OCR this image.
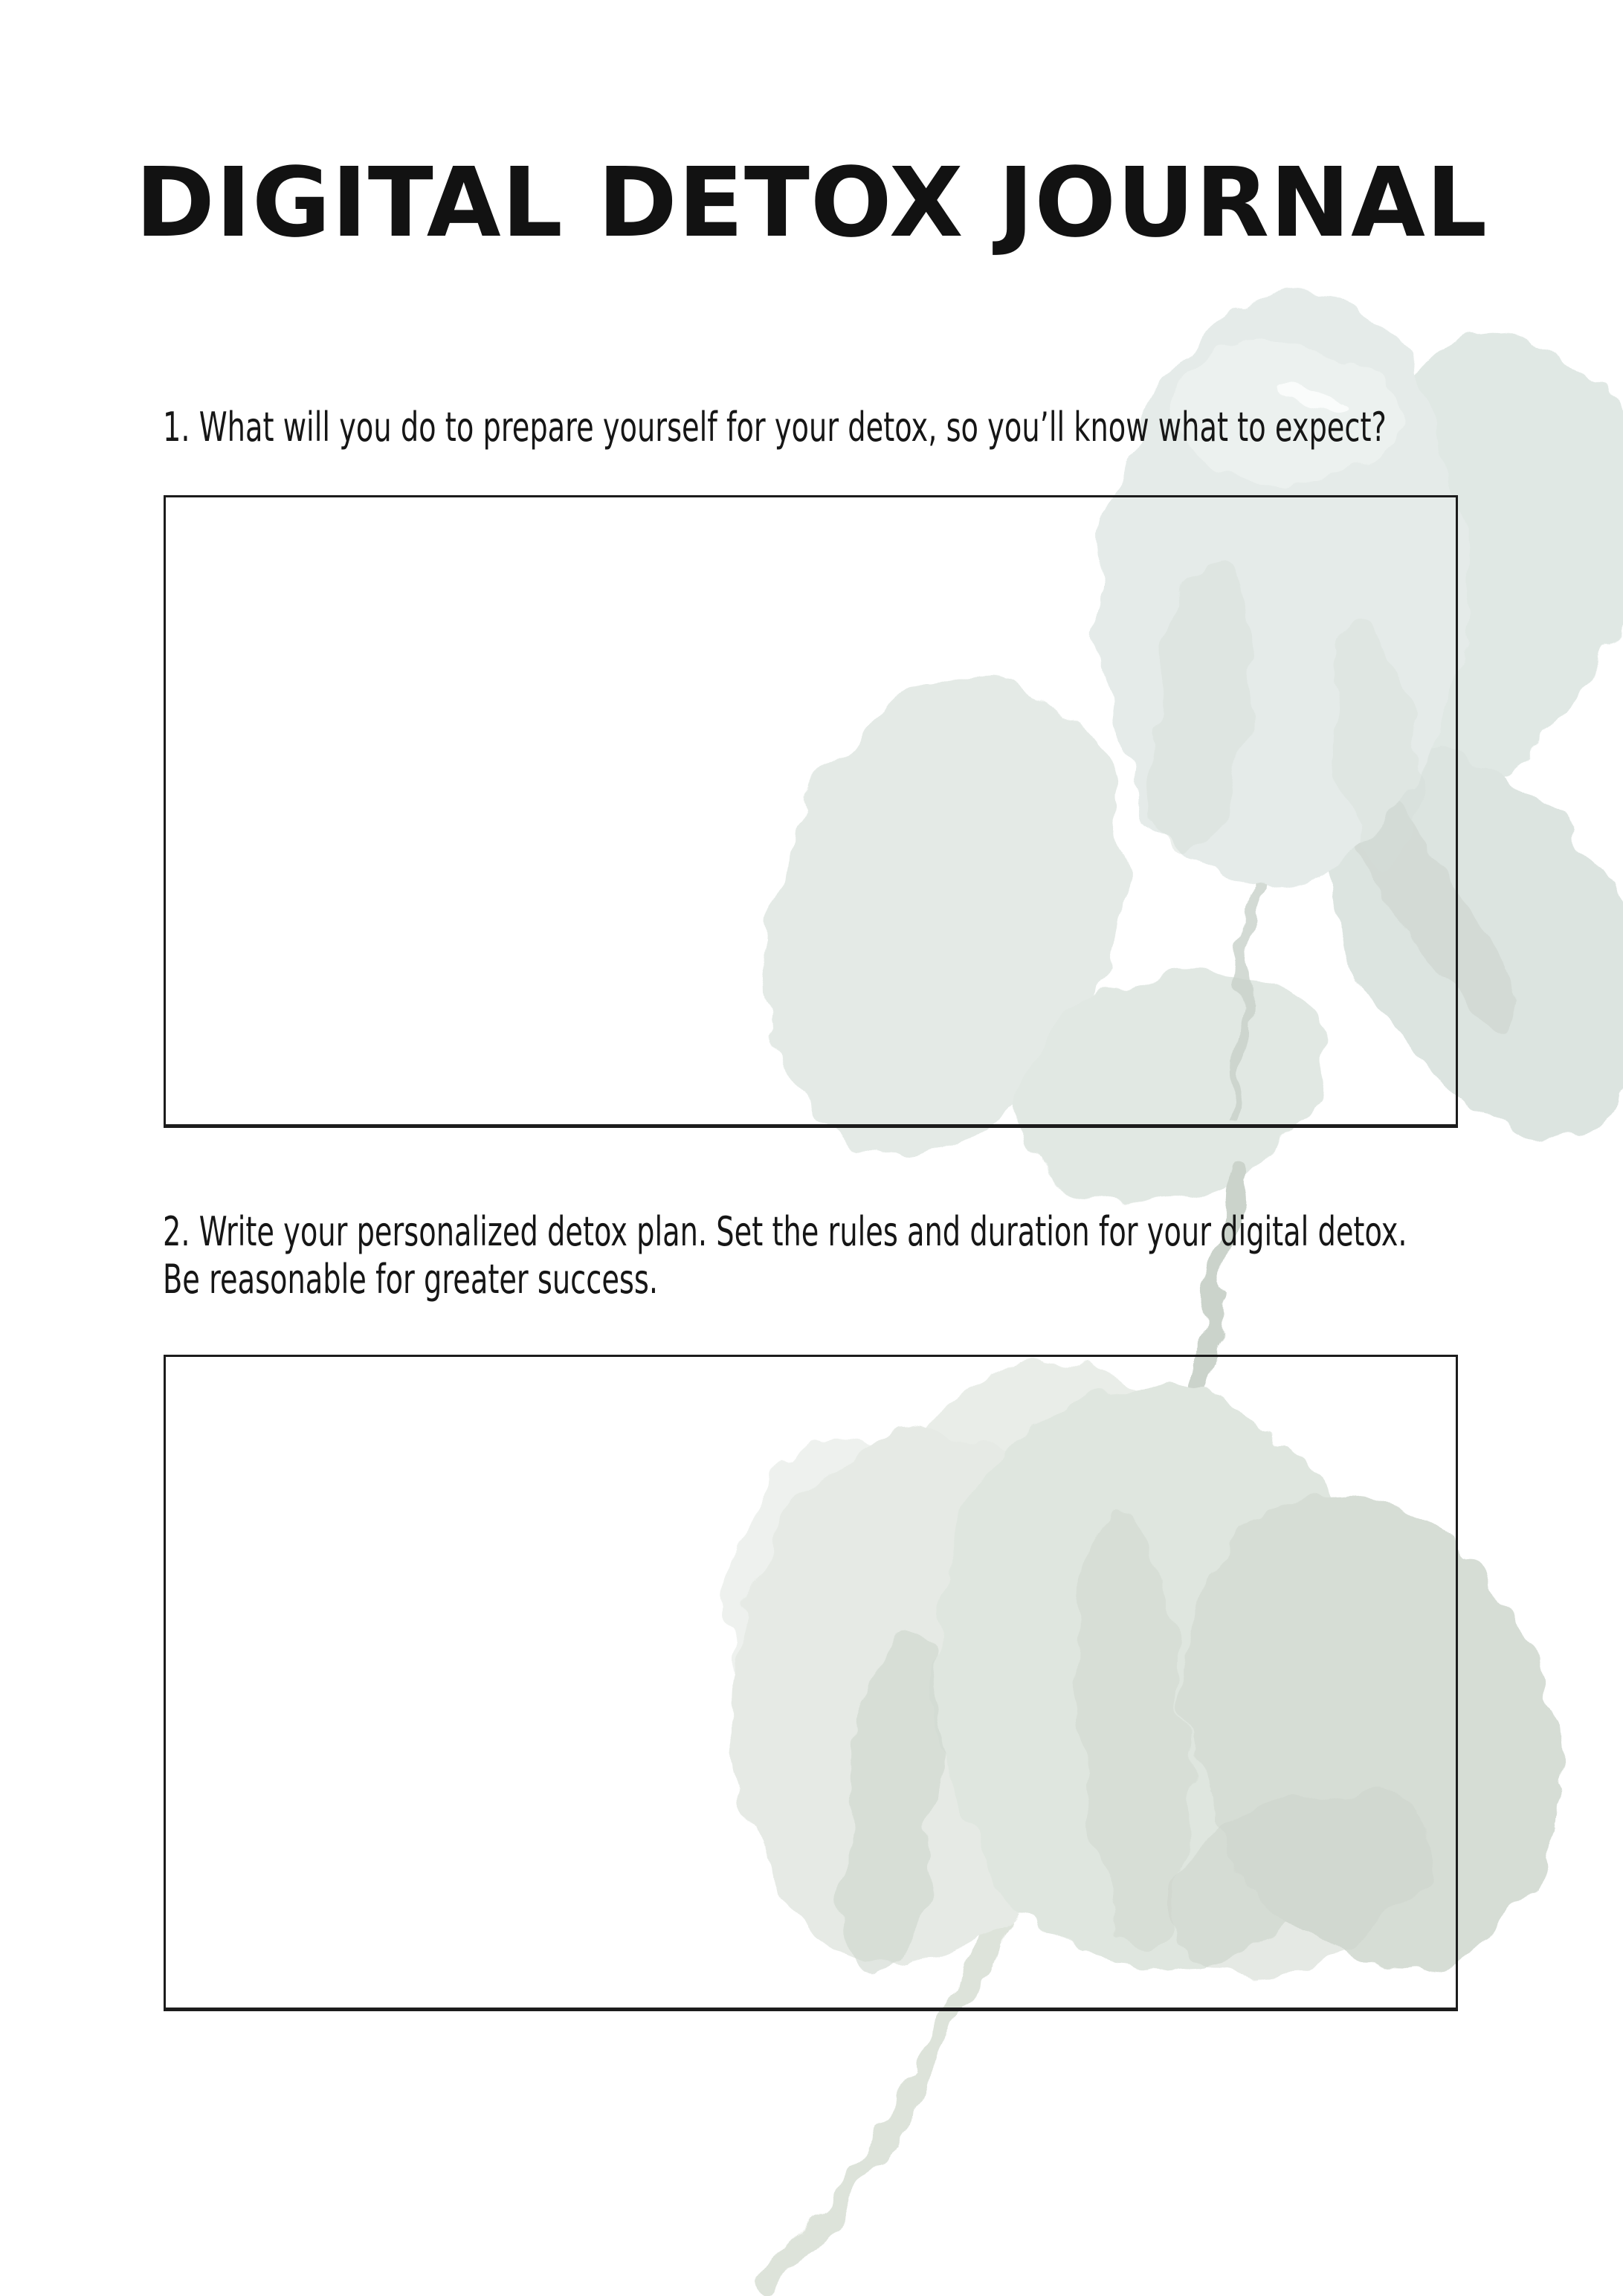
DIGITAL DETOX JOURNAL

1. What will you do to prepare yourself for your detox, so you’ll know what to expect?

2. Write your personalized detox plan. Set the rules and duration for your digital detox.

Be reasonable for greater success.
